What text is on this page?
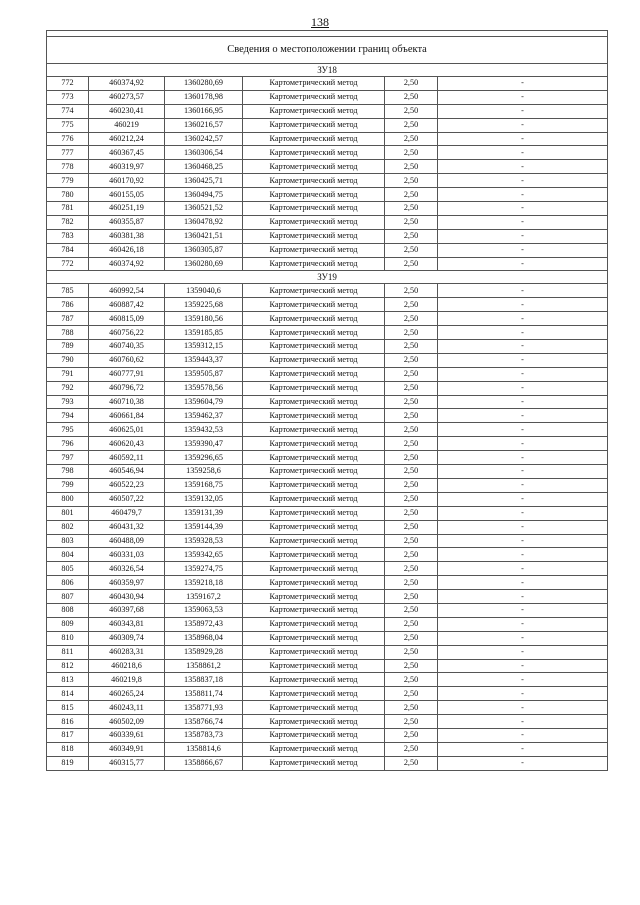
138

Сведения о местоположении границ объекта					
ЗУ18					
772	460374,92	1360280,69	Картометрический метод	2,50	-
773	460273,57	1360178,98	Картометрический метод	2,50	-
774	460230,41	1360166,95	Картометрический метод	2,50	-
775	460219	1360216,57	Картометрический метод	2,50	-
776	460212,24	1360242,57	Картометрический метод	2,50	-
777	460367,45	1360306,54	Картометрический метод	2,50	-
778	460319,97	1360468,25	Картометрический метод	2,50	-
779	460170,92	1360425,71	Картометрический метод	2,50	-
780	460155,05	1360494,75	Картометрический метод	2,50	-
781	460251,19	1360521,52	Картометрический метод	2,50	-
782	460355,87	1360478,92	Картометрический метод	2,50	-
783	460381,38	1360421,51	Картометрический метод	2,50	-
784	460426,18	1360305,87	Картометрический метод	2,50	-
772	460374,92	1360280,69	Картометрический метод	2,50	-
ЗУ19					
785	460992,54	1359040,6	Картометрический метод	2,50	-
786	460887,42	1359225,68	Картометрический метод	2,50	-
787	460815,09	1359180,56	Картометрический метод	2,50	-
788	460756,22	1359185,85	Картометрический метод	2,50	-
789	460740,35	1359312,15	Картометрический метод	2,50	-
790	460760,62	1359443,37	Картометрический метод	2,50	-
791	460777,91	1359505,87	Картометрический метод	2,50	-
792	460796,72	1359578,56	Картометрический метод	2,50	-
793	460710,38	1359604,79	Картометрический метод	2,50	-
794	460661,84	1359462,37	Картометрический метод	2,50	-
795	460625,01	1359432,53	Картометрический метод	2,50	-
796	460620,43	1359390,47	Картометрический метод	2,50	-
797	460592,11	1359296,65	Картометрический метод	2,50	-
798	460546,94	1359258,6	Картометрический метод	2,50	-
799	460522,23	1359168,75	Картометрический метод	2,50	-
800	460507,22	1359132,05	Картометрический метод	2,50	-
801	460479,7	1359131,39	Картометрический метод	2,50	-
802	460431,32	1359144,39	Картометрический метод	2,50	-
803	460488,09	1359328,53	Картометрический метод	2,50	-
804	460331,03	1359342,65	Картометрический метод	2,50	-
805	460326,54	1359274,75	Картометрический метод	2,50	-
806	460359,97	1359218,18	Картометрический метод	2,50	-
807	460430,94	1359167,2	Картометрический метод	2,50	-
808	460397,68	1359063,53	Картометрический метод	2,50	-
809	460343,81	1358972,43	Картометрический метод	2,50	-
810	460309,74	1358968,04	Картометрический метод	2,50	-
811	460283,31	1358929,28	Картометрический метод	2,50	-
812	460218,6	1358861,2	Картометрический метод	2,50	-
813	460219,8	1358837,18	Картометрический метод	2,50	-
814	460265,24	1358811,74	Картометрический метод	2,50	-
815	460243,11	1358771,93	Картометрический метод	2,50	-
816	460502,09	1358766,74	Картометрический метод	2,50	-
817	460339,61	1358783,73	Картометрический метод	2,50	-
818	460349,91	1358814,6	Картометрический метод	2,50	-
819	460315,77	1358866,67	Картометрический метод	2,50	-
